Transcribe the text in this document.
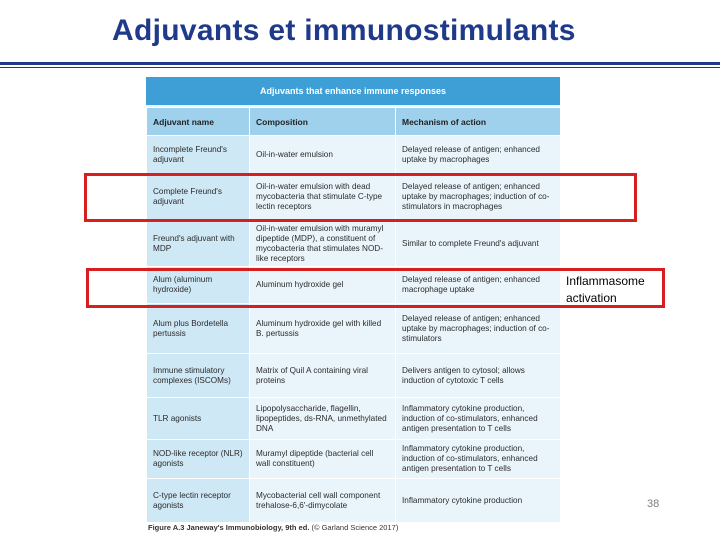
Adjuvants et immunostimulants
Adjuvants that enhance immune responses
Adjuvant name	Composition	Mechanism of action
Incomplete Freund's adjuvant	Oil-in-water emulsion	Delayed release of antigen; enhanced uptake by macrophages
Complete Freund's adjuvant	Oil-in-water emulsion with dead mycobacteria that stimulate C-type lectin receptors	Delayed release of antigen; enhanced uptake by macrophages; induction of co-stimulators in macrophages
Freund's adjuvant with MDP	Oil-in-water emulsion with muramyl dipeptide (MDP), a constituent of mycobacteria that stimulates NOD-like receptors	Similar to complete Freund's adjuvant
Alum (aluminum hydroxide)	Aluminum hydroxide gel	Delayed release of antigen; enhanced macrophage uptake
Alum plus Bordetella pertussis	Aluminum hydroxide gel with killed B. pertussis	Delayed release of antigen; enhanced uptake by macrophages; induction of co-stimulators
Immune stimulatory complexes (ISCOMs)	Matrix of Quil A containing viral proteins	Delivers antigen to cytosol; allows induction of cytotoxic T cells
TLR agonists	Lipopolysaccharide, flagellin, lipopeptides, ds-RNA, unmethylated DNA	Inflammatory cytokine production, induction of co-stimulators, enhanced antigen presentation to T cells
NOD-like receptor (NLR) agonists	Muramyl dipeptide (bacterial cell wall constituent)	Inflammatory cytokine production, induction of co-stimulators, enhanced antigen presentation to T cells
C-type lectin receptor agonists	Mycobacterial cell wall component trehalose-6,6'-dimycolate	Inflammatory cytokine production
Figure A.3 Janeway's Immunobiology, 9th ed. (© Garland Science 2017)
Inflammasome
activation
38
